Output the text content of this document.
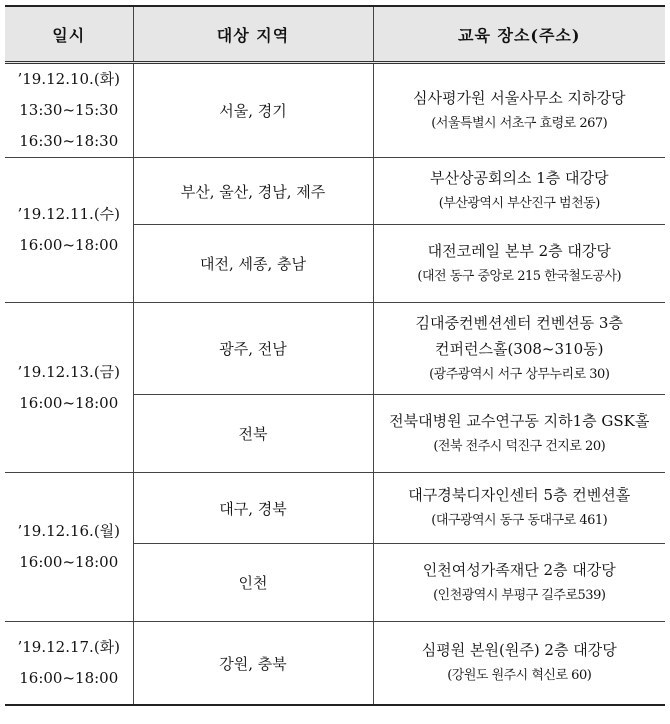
일시	대상 지역	교육 장소(주소)

’19.12.10.(화)
13:30~15:30
16:30~18:30	서울, 경기	심사평가원 서울사무소 지하강당
(서울특별시 서초구 효령로 267)

’19.12.11.(수)
16:00~18:00	부산, 울산, 경남, 제주	부산상공회의소 1층 대강당
(부산광역시 부산진구 범천동)

	대전, 세종, 충남	대전코레일 본부 2층 대강당
(대전 동구 중앙로 215 한국철도공사)

’19.12.13.(금)
16:00~18:00	광주, 전남	김대중컨벤션센터 컨벤션동 3층
컨퍼런스홀(308~310동)
(광주광역시 서구 상무누리로 30)

	전북	전북대병원 교수연구동 지하1층 GSK홀
(전북 전주시 덕진구 건지로 20)

’19.12.16.(월)
16:00~18:00	대구, 경북	대구경북디자인센터 5층 컨벤션홀
(대구광역시 동구 동대구로 461)

	인천	인천여성가족재단 2층 대강당
(인천광역시 부평구 길주로539)

’19.12.17.(화)
16:00~18:00	강원, 충북	심평원 본원(원주) 2층 대강당
(강원도 원주시 혁신로 60)
